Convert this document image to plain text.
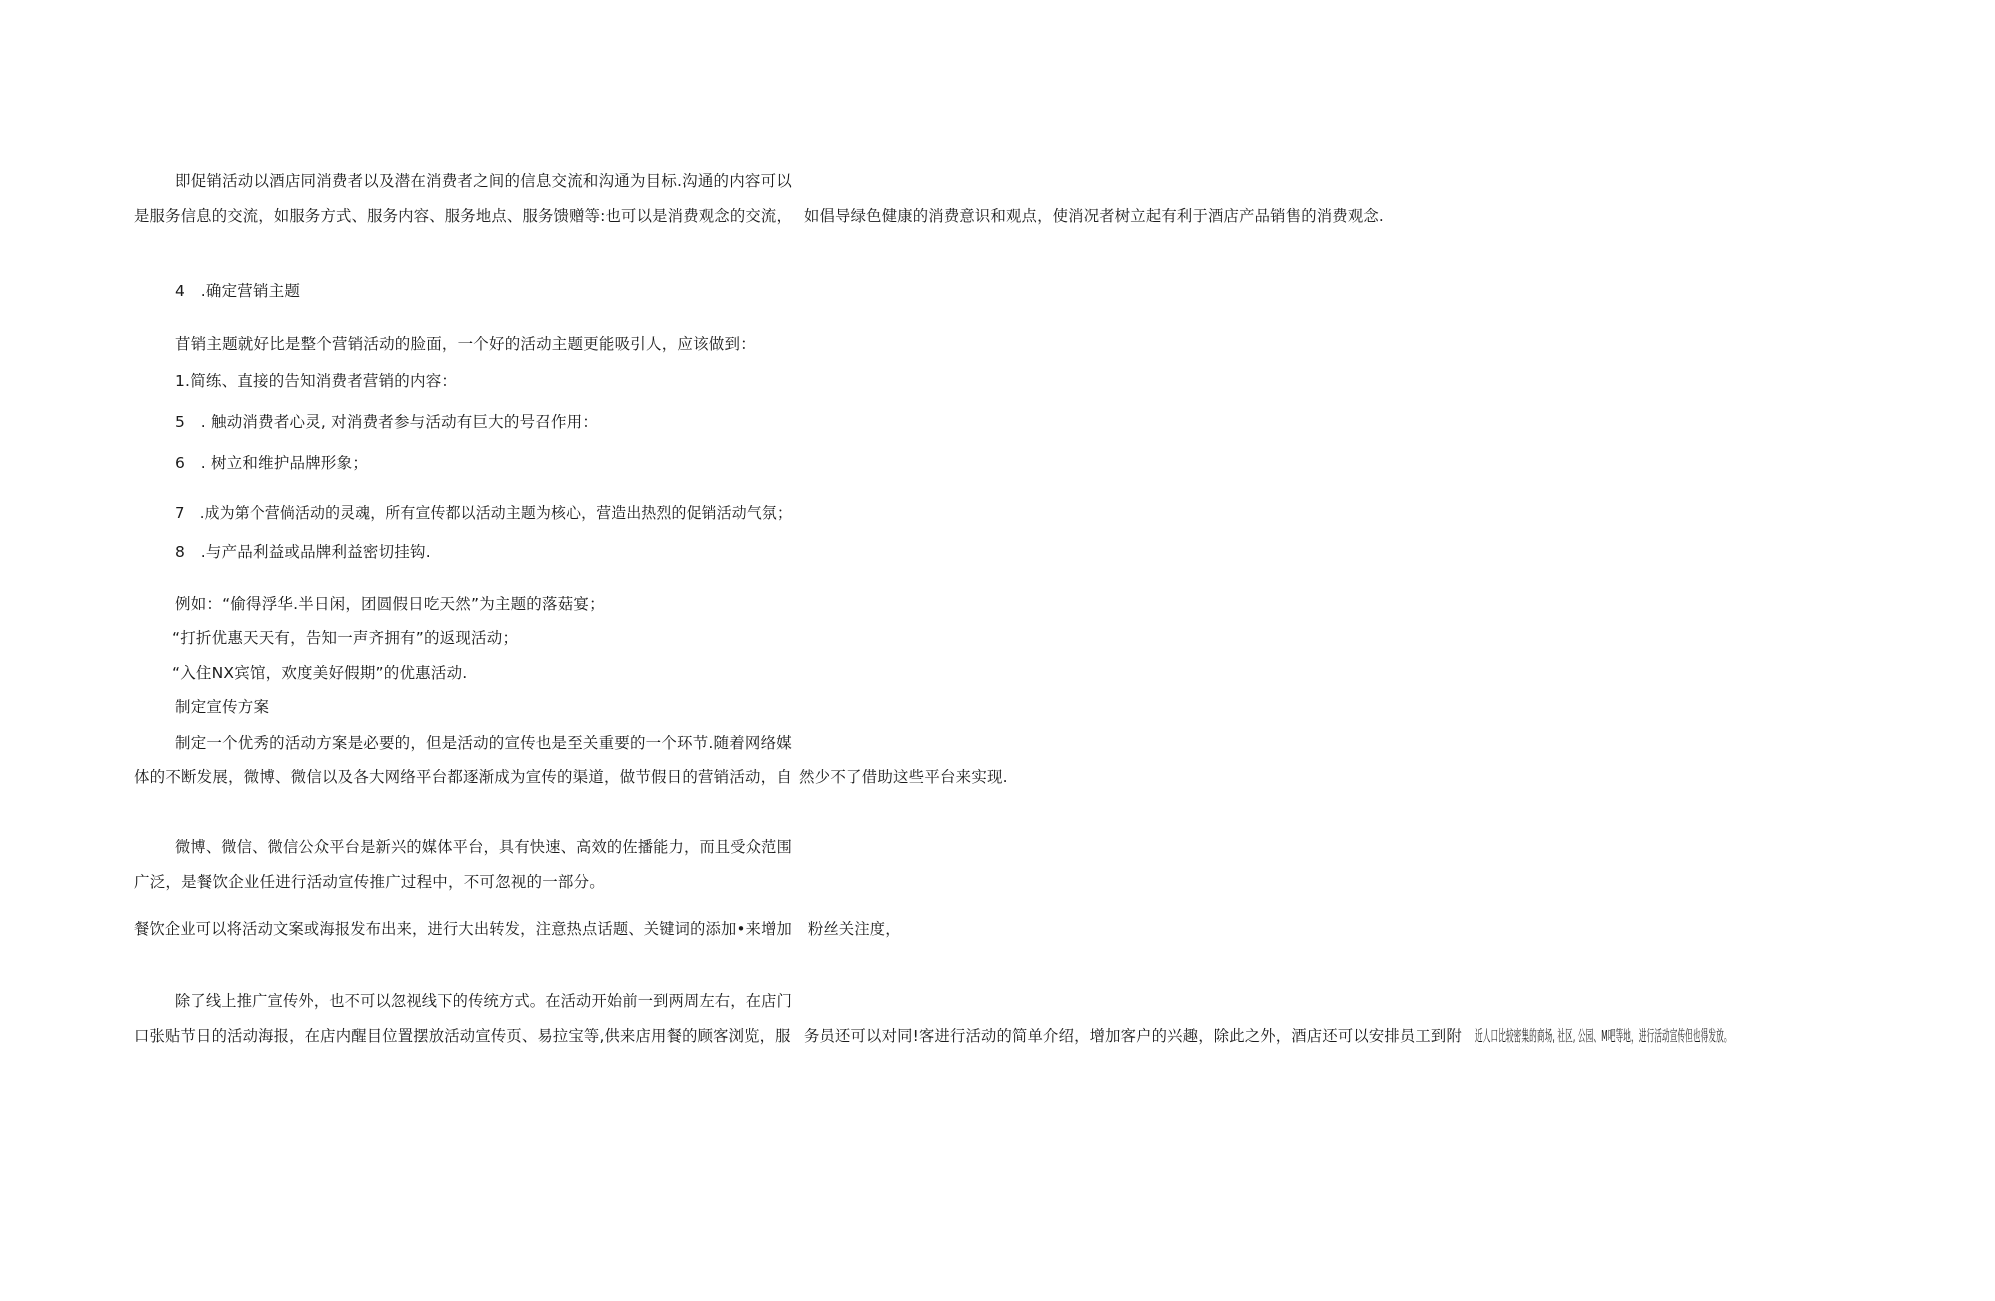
即促销活动以酒店同消费者以及潜在消费者之间的信息交流和沟通为目标.沟通的内容可以
是服务信息的交流，如服务方式、服务内容、服务地点、服务馈赠等:也可以是消费观念的交流， 如倡导绿色健康的消费意识和观点，使消况者树立起有利于酒店产品销售的消费观念.
4　.确定营销主题
苜销主题就好比是整个营销活动的脸面，一个好的活动主题更能吸引人，应该做到：
1.简练、直接的告知消费者营销的内容：
5　. 触动消费者心灵, 对消费者参与活动有巨大的号召作用：
6　. 树立和维护品牌形象；
7　.成为第个营倘活动的灵魂，所有宣传都以活动主题为核心，营造出热烈的促销活动气氛；
8　.与产品利益或品牌利益密切挂钩.
例如：“偷得浮华.半日闲，团圆假日吃天然”为主题的落菇宴；
“打折优惠天天有，告知一声齐拥有”的返现活动；
“入住NX宾馆，欢度美好假期”的优惠活动.
制定宣传方案
制定一个优秀的活动方案是必要的，但是活动的宣传也是至关重要的一个环节.随着网络媒
体的不断发展，微博、微信以及各大网络平台都逐渐成为宣传的渠道，做节假日的营销活动，自 然少不了借助这些平台来实现.
微博、微信、微信公众平台是新兴的媒体平台，具有快速、高效的佐播能力，而且受众范围
广泛，是餐饮企业任进行活动宣传推广过程中，不可忽视的一部分。
餐饮企业可以将活动文案或海报发布出来，进行大出转发，注意热点话题、关键词的添加•来增加 粉丝关注度，
除了线上推广宣传外，也不可以忽视线下的传统方式。在活动开始前一到两周左右，在店门
口张贴节日的活动海报，在店内醒目位置摆放活动宣传页、易拉宝等,供来店用餐的顾客浏览，服 务员还可以对同!客进行活动的简单介绍，增加客户的兴趣，除此之外，酒店还可以安排员工到附 近人口比较密集的商场, 社区, 公园、M吧等地，进行活动宣传但也得发放。
